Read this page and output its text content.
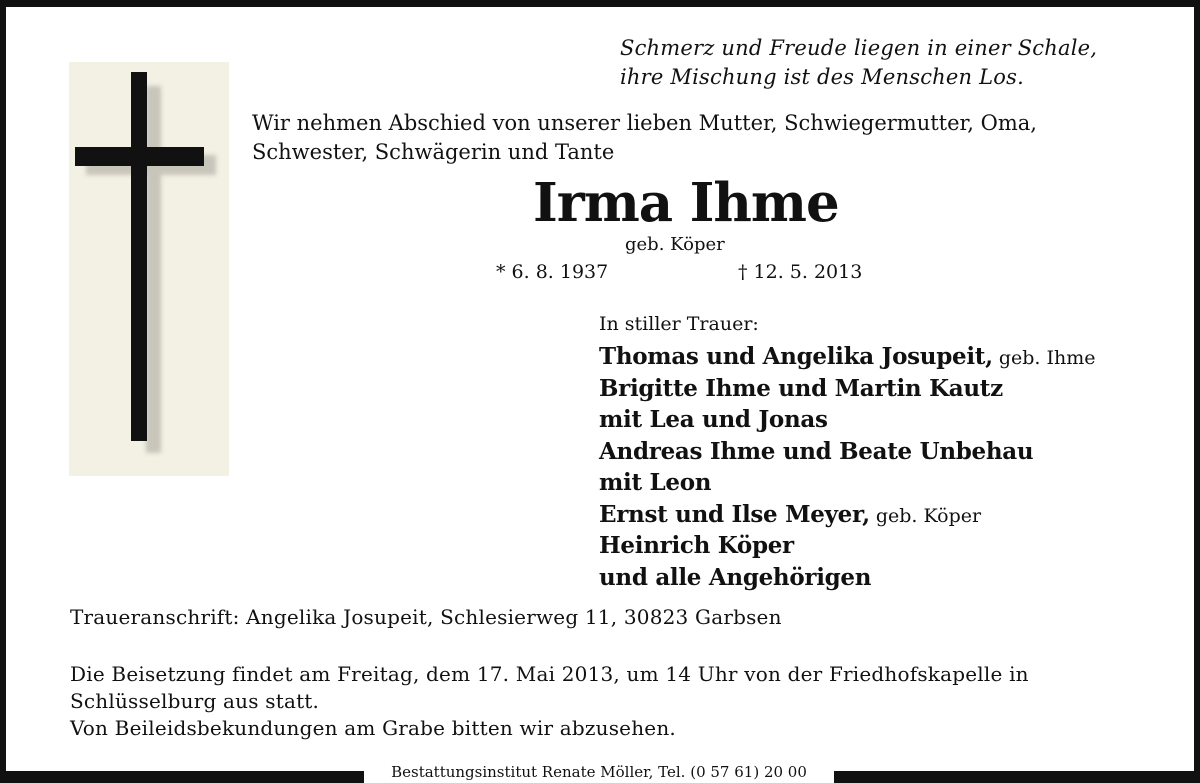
Schmerz und Freude liegen in einer Schale,
ihre Mischung ist des Menschen Los.
Wir nehmen Abschied von unserer lieben Mutter, Schwiegermutter, Oma,
Schwester, Schwägerin und Tante
Irma Ihme
geb. Köper
* 6. 8. 1937	† 12. 5. 2013
In stiller Trauer:
Thomas und Angelika Josupeit, geb. Ihme
Brigitte Ihme und Martin Kautz
mit Lea und Jonas
Andreas Ihme und Beate Unbehau
mit Leon
Ernst und Ilse Meyer, geb. Köper
Heinrich Köper
und alle Angehörigen
Traueranschrift: Angelika Josupeit, Schlesierweg 11, 30823 Garbsen
Die Beisetzung findet am Freitag, dem 17. Mai 2013, um 14 Uhr von der Friedhofskapelle in
Schlüsselburg aus statt.
Von Beileidsbekundungen am Grabe bitten wir abzusehen.
Bestattungsinstitut Renate Möller, Tel. (0 57 61) 20 00
